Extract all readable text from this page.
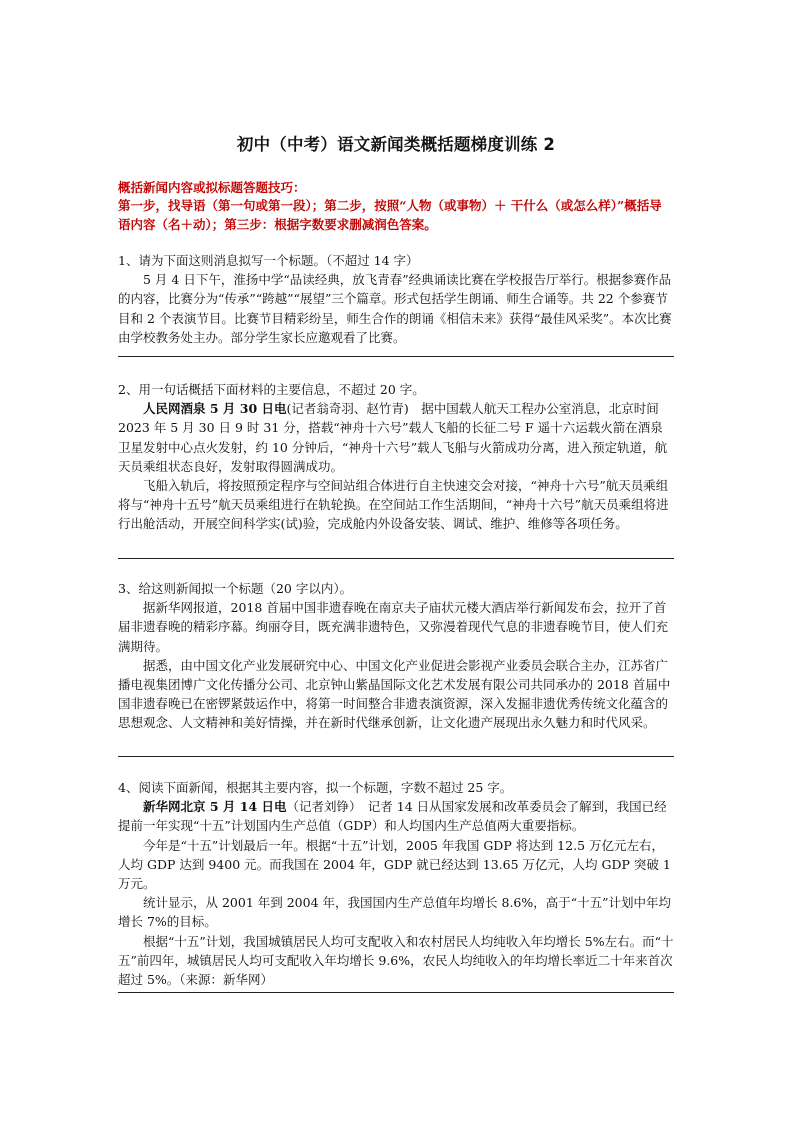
初中（中考）语文新闻类概括题梯度训练 2
概括新闻内容或拟标题答题技巧：
第一步，找导语（第一句或第一段）；第二步，按照“人物（或事物）＋ 干什么（或怎么样）”概括导语内容（名＋动）；第三步：根据字数要求删减润色答案。

1、请为下面这则消息拟写一个标题。（不超过 14 字）

5 月 4 日下午，淮扬中学“品读经典，放飞青春”经典诵读比赛在学校报告厅举行。根据参赛作品的内容，比赛分为“传承”“跨越”“展望”三个篇章。形式包括学生朗诵、师生合诵等。共 22 个参赛节目和 2 个表演节目。比赛节目精彩纷呈，师生合作的朗诵《相信未来》获得“最佳风采奖”。本次比赛由学校教务处主办。部分学生家长应邀观看了比赛。

2、用一句话概括下面材料的主要信息，不超过 20 字。

人民网酒泉 5 月 30 日电(记者翁奇羽、赵竹青)　据中国载人航天工程办公室消息，北京时间 2023 年 5 月 30 日 9 时 31 分，搭载“神舟十六号”载人飞船的长征二号 F 遥十六运载火箭在酒泉卫星发射中心点火发射，约 10 分钟后，“神舟十六号”载人飞船与火箭成功分离，进入预定轨道，航天员乘组状态良好，发射取得圆满成功。

飞船入轨后，将按照预定程序与空间站组合体进行自主快速交会对接，“神舟十六号”航天员乘组将与“神舟十五号”航天员乘组进行在轨轮换。在空间站工作生活期间，“神舟十六号”航天员乘组将进行出舱活动，开展空间科学实(试)验，完成舱内外设备安装、调试、维护、维修等各项任务。

3、给这则新闻拟一个标题（20 字以内）。

据新华网报道，2018 首届中国非遗春晚在南京夫子庙状元楼大酒店举行新闻发布会，拉开了首届非遗春晚的精彩序幕。绚丽夺目，既充满非遗特色，又弥漫着现代气息的非遗春晚节目，使人们充满期待。

据悉，由中国文化产业发展研究中心、中国文化产业促进会影视产业委员会联合主办，江苏省广播电视集团博广文化传播分公司、北京钟山紫晶国际文化艺术发展有限公司共同承办的 2018 首届中国非遗春晚已在密锣紧鼓运作中，将第一时间整合非遗表演资源，深入发掘非遗优秀传统文化蕴含的思想观念、人文精神和美好情操，并在新时代继承创新，让文化遗产展现出永久魅力和时代风采。

4、阅读下面新闻，根据其主要内容，拟一个标题，字数不超过 25 字。

新华网北京 5 月 14 日电（记者刘铮）　记者 14 日从国家发展和改革委员会了解到，我国已经提前一年实现“十五”计划国内生产总值（GDP）和人均国内生产总值两大重要指标。

今年是“十五”计划最后一年。根据“十五”计划，2005 年我国 GDP 将达到 12.5 万亿元左右，人均 GDP 达到 9400 元。而我国在 2004 年，GDP 就已经达到 13.65 万亿元，人均 GDP 突破 1 万元。

统计显示，从 2001 年到 2004 年，我国国内生产总值年均增长 8.6%，高于“十五”计划中年均增长 7%的目标。

根据“十五”计划，我国城镇居民人均可支配收入和农村居民人均纯收入年均增长 5%左右。而“十五”前四年，城镇居民人均可支配收入年均增长 9.6%，农民人均纯收入的年均增长率近二十年来首次超过 5%。（来源：新华网）
